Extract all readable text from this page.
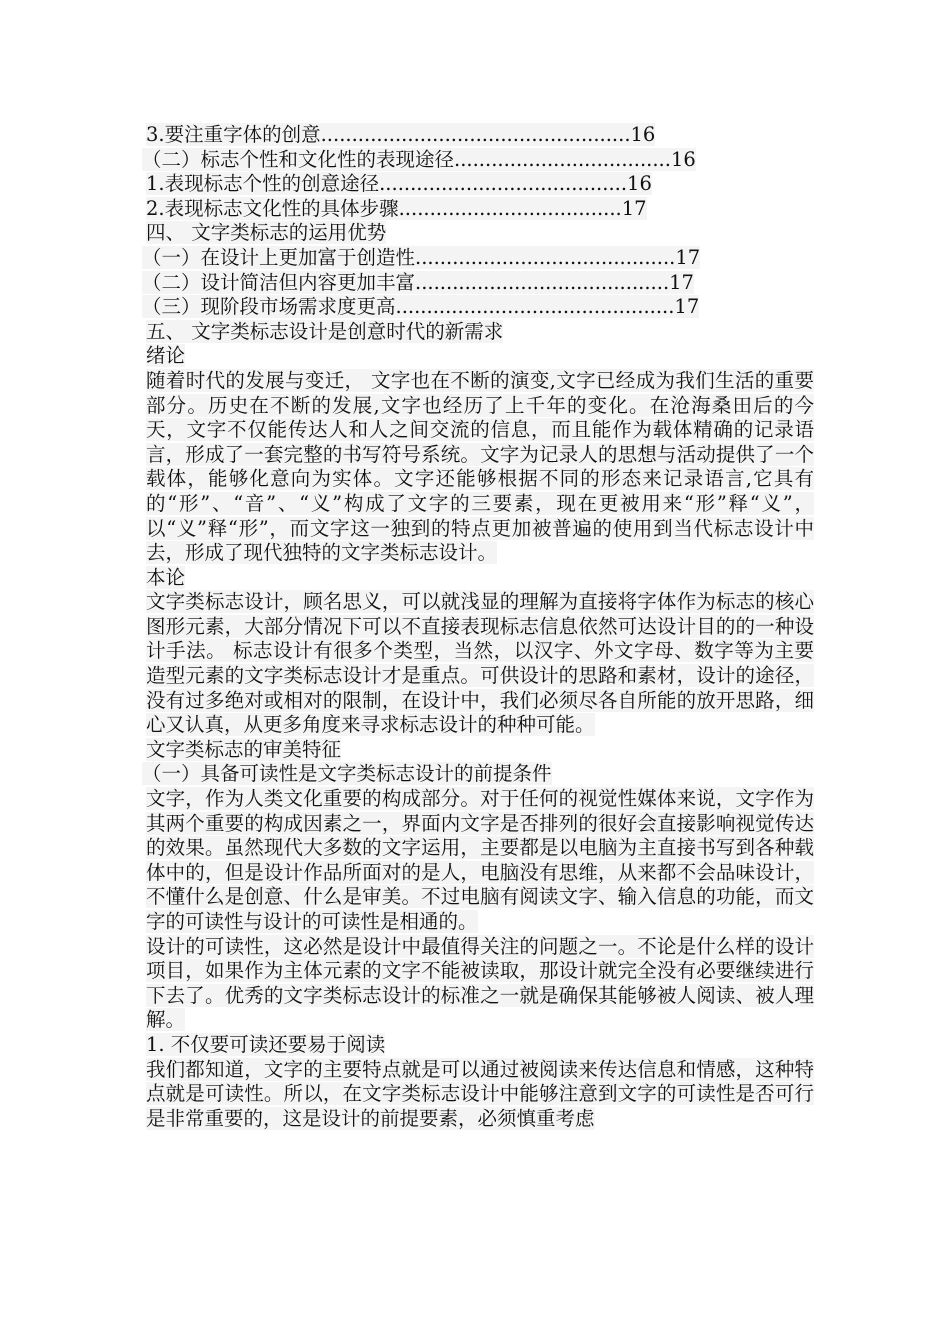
3.要注重字体的创意..................................................16
（二）标志个性和文化性的表现途径...................................16
1.表现标志个性的创意途径........................................16
2.表现标志文化性的具体步骤....................................17
四、 文字类标志的运用优势
（一）在设计上更加富于创造性..........................................17
（二）设计简洁但内容更加丰富.........................................17
（三）现阶段市场需求度更高.............................................17
五、 文字类标志设计是创意时代的新需求
绪论
随着时代的发展与变迁， 文字也在不断的演变,文字已经成为我们生活的重要部分。历史在不断的发展,文字也经历了上千年的变化。在沧海桑田后的今天，文字不仅能传达人和人之间交流的信息，而且能作为载体精确的记录语言，形成了一套完整的书写符号系统。文字为记录人的思想与活动提供了一个载体，能够化意向为实体。文字还能够根据不同的形态来记录语言,它具有的“形”、“音”、“义”构成了文字的三要素，现在更被用来“形”释“义”，以“义”释“形”，而文字这一独到的特点更加被普遍的使用到当代标志设计中去，形成了现代独特的文字类标志设计。
本论
文字类标志设计，顾名思义，可以就浅显的理解为直接将字体作为标志的核心图形元素，大部分情况下可以不直接表现标志信息依然可达设计目的的一种设计手法。 标志设计有很多个类型，当然，以汉字、外文字母、数字等为主要造型元素的文字类标志设计才是重点。可供设计的思路和素材，设计的途径，没有过多绝对或相对的限制，在设计中，我们必须尽各自所能的放开思路，细心又认真，从更多角度来寻求标志设计的种种可能。
文字类标志的审美特征
（一）具备可读性是文字类标志设计的前提条件
文字，作为人类文化重要的构成部分。对于任何的视觉性媒体来说，文字作为其两个重要的构成因素之一，界面内文字是否排列的很好会直接影响视觉传达的效果。虽然现代大多数的文字运用，主要都是以电脑为主直接书写到各种载体中的，但是设计作品所面对的是人，电脑没有思维，从来都不会品味设计，不懂什么是创意、什么是审美。不过电脑有阅读文字、输入信息的功能，而文字的可读性与设计的可读性是相通的。
设计的可读性，这必然是设计中最值得关注的问题之一。不论是什么样的设计项目，如果作为主体元素的文字不能被读取，那设计就完全没有必要继续进行下去了。优秀的文字类标志设计的标准之一就是确保其能够被人阅读、被人理解。
1. 不仅要可读还要易于阅读
我们都知道，文字的主要特点就是可以通过被阅读来传达信息和情感，这种特点就是可读性。所以，在文字类标志设计中能够注意到文字的可读性是否可行是非常重要的，这是设计的前提要素，必须慎重考虑
